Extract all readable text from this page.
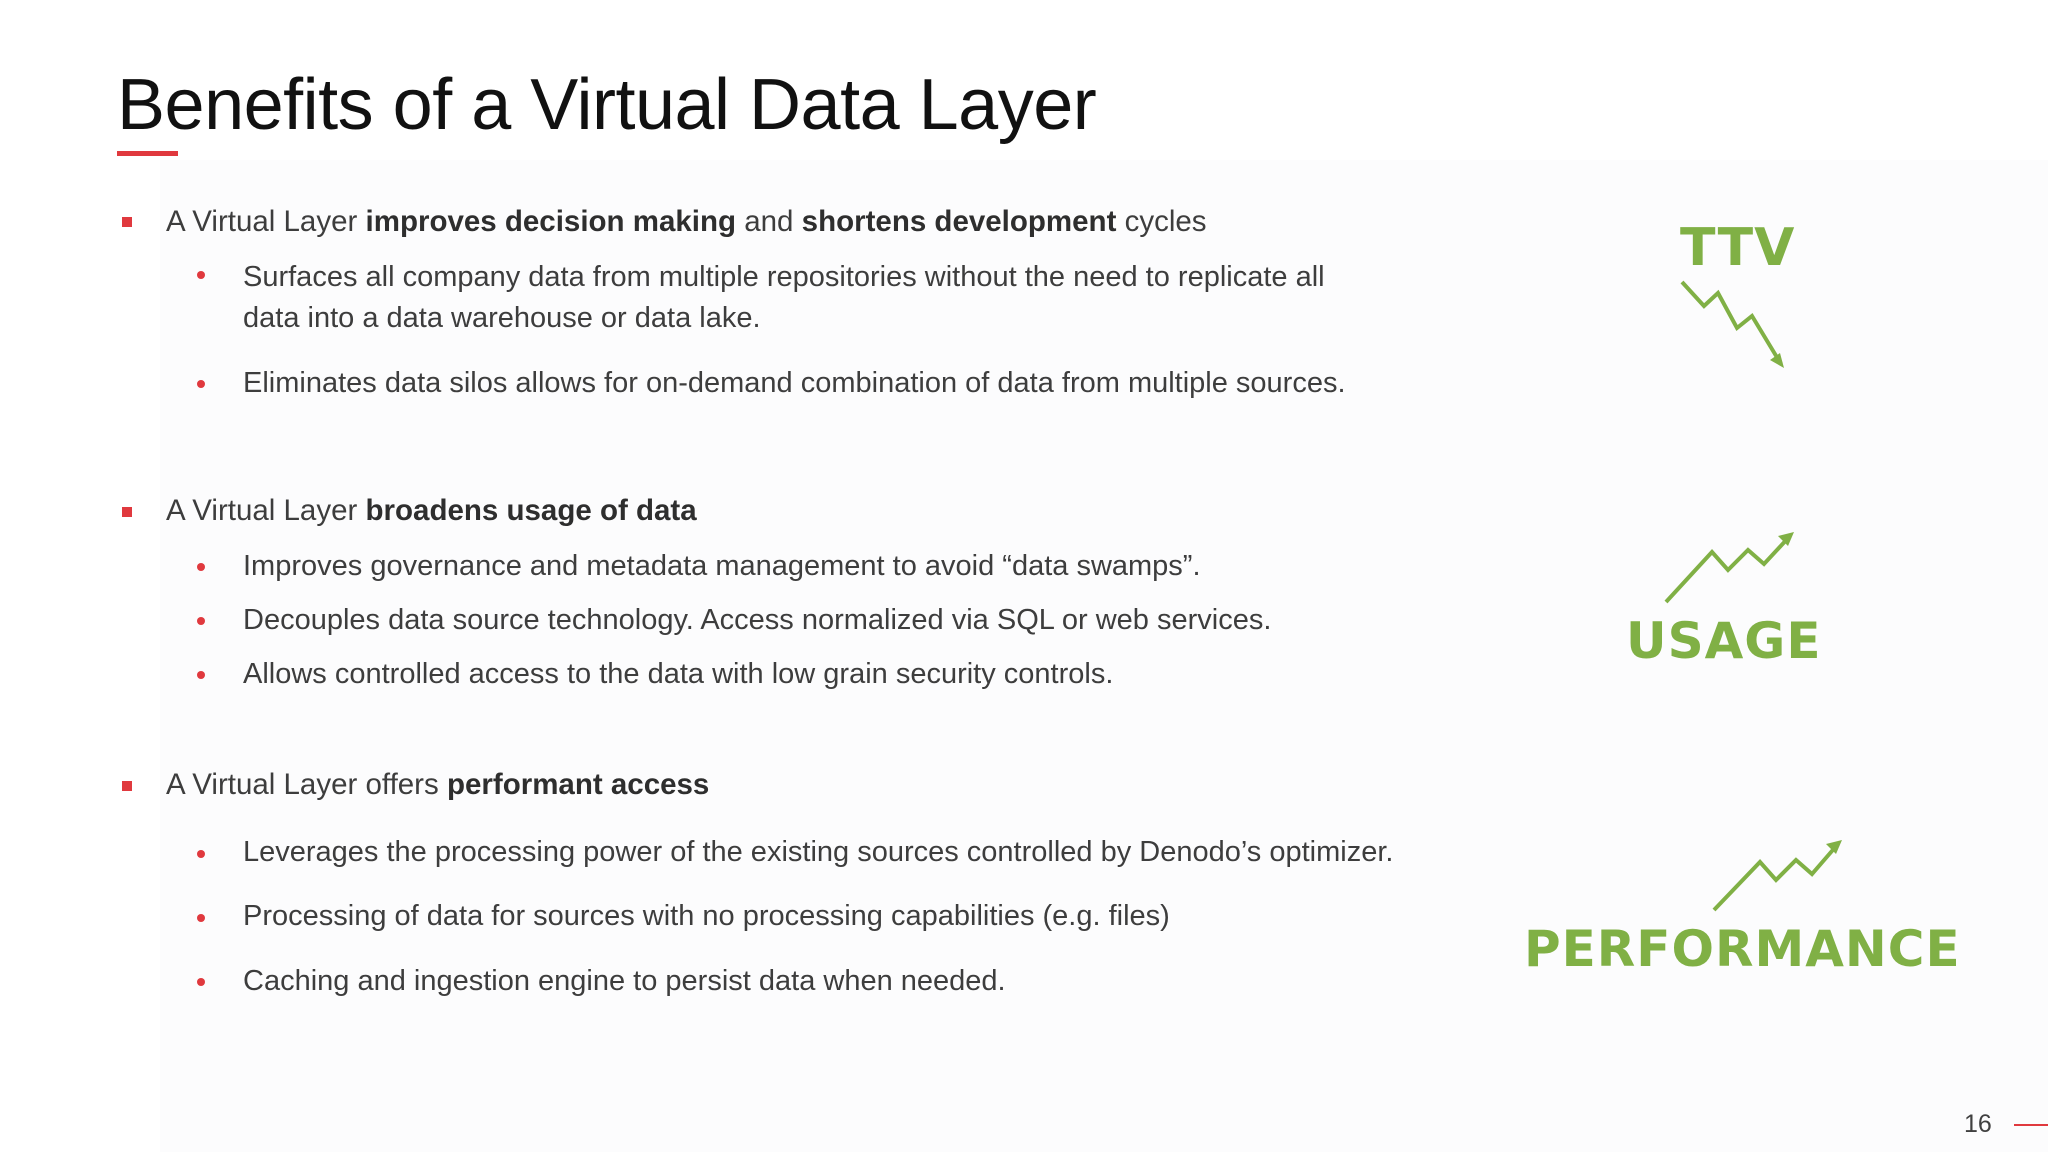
Benefits of a Virtual Data Layer
A Virtual Layer improves decision making and shortens development cycles
Surfaces all company data from multiple repositories without the need to replicate all
data into a data warehouse or data lake.
Eliminates data silos allows for on-demand combination of data from multiple sources.
A Virtual Layer broadens usage of data
Improves governance and metadata management to avoid “data swamps”.
Decouples data source technology. Access normalized via SQL or web services.
Allows controlled access to the data with low grain security controls.
A Virtual Layer offers performant access
Leverages the processing power of the existing sources controlled by Denodo’s optimizer.
Processing of data for sources with no processing capabilities (e.g. files)
Caching and ingestion engine to persist data when needed.
TTV
USAGE
PERFORMANCE
16
